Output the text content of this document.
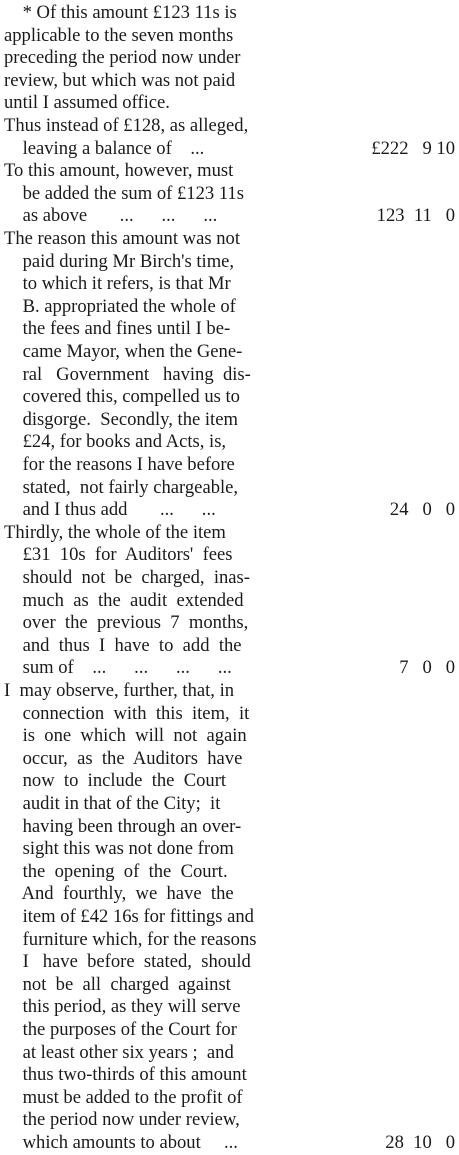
* Of this amount £123 11s is
applicable to the seven months
preceding the period now under
review, but which was not paid
until I assumed office.
Thus instead of £128, as alleged,
leaving a balance of    ...	£222   9 10
To this amount, however, must
be added the sum of £123 11s
as above       ...      ...      ...	123  11   0
The reason this amount was not
paid during Mr Birch's time,
to which it refers, is that Mr
B. appropriated the whole of
the fees and fines until I be-
came Mayor, when the Gene-
ral   Government   having  dis-
covered this, compelled us to
disgorge.  Secondly, the item
£24, for books and Acts, is,
for the reasons I have before
stated,  not fairly chargeable,
and I thus add       ...      ...	24   0   0
Thirdly, the whole of the item
£31  10s  for  Auditors'  fees
should  not  be  charged,  inas-
much  as  the  audit  extended
over  the  previous  7  months,
and  thus  I  have  to  add  the
sum of    ...      ...      ...      ...	7   0   0
I  may observe, further, that, in
connection  with  this  item,  it
is  one  which  will  not  again
occur,  as  the  Auditors  have
now  to  include  the  Court
audit in that of the City;  it
having been through an over-
sight this was not done from
the  opening  of  the  Court.
And  fourthly,  we  have  the
item of £42 16s for fittings and
furniture which, for the reasons
I   have  before  stated,  should
not  be  all  charged  against
this period, as they will serve
the purposes of the Court for
at least other six years ;  and
thus two-thirds of this amount
must be added to the profit of
the period now under review,
which amounts to about     ...	28  10   0
